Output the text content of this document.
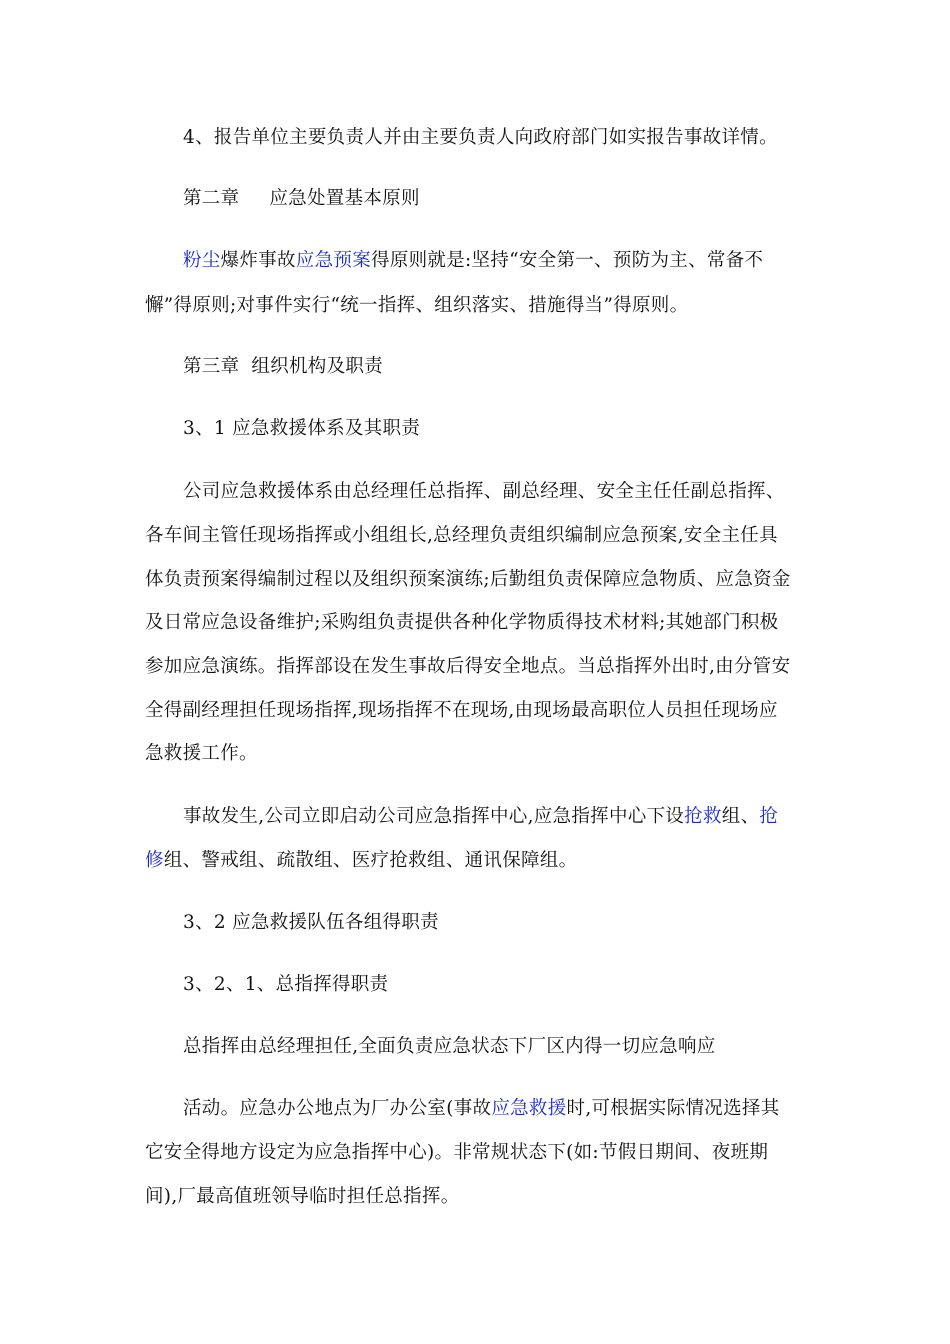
4、报告单位主要负责人并由主要负责人向政府部门如实报告事故详情。
第二章 应急处置基本原则
粉尘爆炸事故应急预案得原则就是:坚持“安全第一、预防为主、常备不
懈”得原则;对事件实行“统一指挥、组织落实、措施得当”得原则。
第三章 组织机构及职责
3、1 应急救援体系及其职责
公司应急救援体系由总经理任总指挥、副总经理、安全主任任副总指挥、
各车间主管任现场指挥或小组组长,总经理负责组织编制应急预案,安全主任具
体负责预案得编制过程以及组织预案演练;后勤组负责保障应急物质、应急资金
及日常应急设备维护;采购组负责提供各种化学物质得技术材料;其她部门积极
参加应急演练。指挥部设在发生事故后得安全地点。当总指挥外出时,由分管安
全得副经理担任现场指挥,现场指挥不在现场,由现场最高职位人员担任现场应
急救援工作。
事故发生,公司立即启动公司应急指挥中心,应急指挥中心下设抢救组、抢
修组、警戒组、疏散组、医疗抢救组、通讯保障组。
3、2 应急救援队伍各组得职责
3、2、1、总指挥得职责
总指挥由总经理担任,全面负责应急状态下厂区内得一切应急响应
活动。应急办公地点为厂办公室(事故应急救援时,可根据实际情况选择其
它安全得地方设定为应急指挥中心)。非常规状态下(如:节假日期间、夜班期
间),厂最高值班领导临时担任总指挥。
